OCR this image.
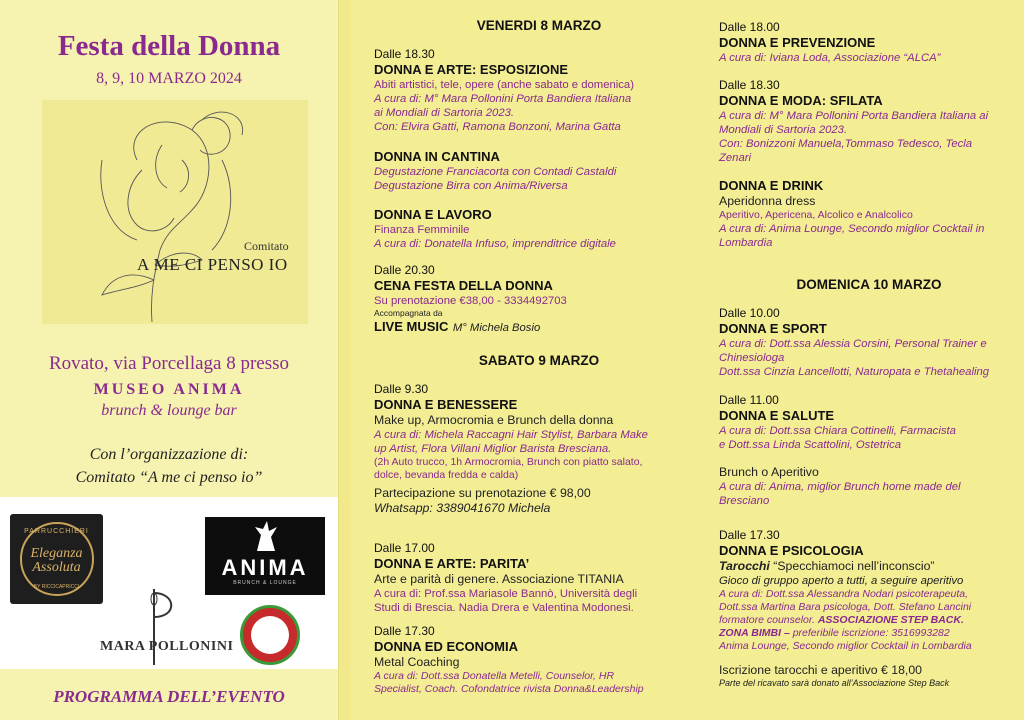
Festa della Donna
8, 9, 10 MARZO 2024
Comitato
A ME CI PENSO IO
Rovato, via Porcellaga 8 presso
MUSEO ANIMA
brunch & lounge bar
Con l’organizzazione di:
Comitato “A me ci penso io”
PARRUCCHIERI
Eleganza Assoluta
BY RICCICAPRICCI
ANIMA
BRUNCH & LOUNGE
MARA POLLONINI
PROGRAMMA DELL’EVENTO
VENERDI 8 MARZO
Dalle 18.30
DONNA E ARTE: ESPOSIZIONE
Abiti artistici, tele, opere (anche sabato e domenica)
A cura di: M° Mara Pollonini Porta Bandiera Italiana
ai Mondiali di Sartoria 2023.
Con: Elvira Gatti, Ramona Bonzoni, Marina Gatta
DONNA IN CANTINA
Degustazione Franciacorta con Contadi Castaldi
Degustazione Birra con Anima/Riversa
DONNA E LAVORO
Finanza Femminile
A cura di: Donatella Infuso, imprenditrice digitale
Dalle 20.30
CENA FESTA DELLA DONNA
Su prenotazione €38,00 - 3334492703
Accompagnata da
LIVE MUSIC M° Michela Bosio
SABATO 9 MARZO
Dalle 9.30
DONNA E BENESSERE
Make up, Armocromia e Brunch della donna
A cura di: Michela Raccagni Hair Stylist, Barbara Make
up Artist, Flora Villani Miglior Barista Bresciana.
(2h Auto trucco, 1h Armocromia, Brunch con piatto salato,
dolce, bevanda fredda e calda)
Partecipazione su prenotazione € 98,00
Whatsapp: 3389041670 Michela
Dalle 17.00
DONNA E ARTE: PARITA’
Arte e parità di genere. Associazione TITANIA
A cura di: Prof.ssa Mariasole Bannò, Università degli
Studi di Brescia. Nadia Drera e Valentina Modonesi.
Dalle 17.30
DONNA ED ECONOMIA
Metal Coaching
A cura di: Dott.ssa Donatella Metelli, Counselor, HR
Specialist, Coach. Cofondatrice rivista Donna&Leadership
Dalle 18.00
DONNA E PREVENZIONE
A cura di: Iviana Loda, Associazione “ALCA”
Dalle 18.30
DONNA E MODA: SFILATA
A cura di: M° Mara Pollonini Porta Bandiera Italiana ai
Mondiali di Sartoria 2023.
Con: Bonizzoni Manuela,Tommaso Tedesco, Tecla
Zenari
DONNA E DRINK
Aperidonna dress
Aperitivo, Apericena, Alcolico e Analcolico
A cura di: Anima Lounge, Secondo miglior Cocktail in
Lombardia
DOMENICA 10 MARZO
Dalle 10.00
DONNA E SPORT
A cura di: Dott.ssa Alessia Corsini, Personal Trainer e
Chinesiologa
Dott.ssa Cinzia Lancellotti, Naturopata e Thetahealing
Dalle 11.00
DONNA E SALUTE
A cura di: Dott.ssa Chiara Cottinelli, Farmacista
e Dott.ssa Linda Scattolini, Ostetrica
Brunch o Aperitivo
A cura di: Anima, miglior Brunch home made del
Bresciano
Dalle 17.30
DONNA E PSICOLOGIA
Tarocchi “Specchiamoci nell’inconscio”
Gioco di gruppo aperto a tutti, a seguire aperitivo
A cura di: Dott.ssa Alessandra Nodari psicoterapeuta,
Dott.ssa Martina Bara psicologa, Dott. Stefano Lancini
formatore counselor. ASSOCIAZIONE STEP BACK.
ZONA BIMBI – preferibile iscrizione: 3516993282
Anima Lounge, Secondo miglior Cocktail in Lombardia
Iscrizione tarocchi e aperitivo € 18,00
Parte del ricavato sarà donato all’Associazione Step Back
